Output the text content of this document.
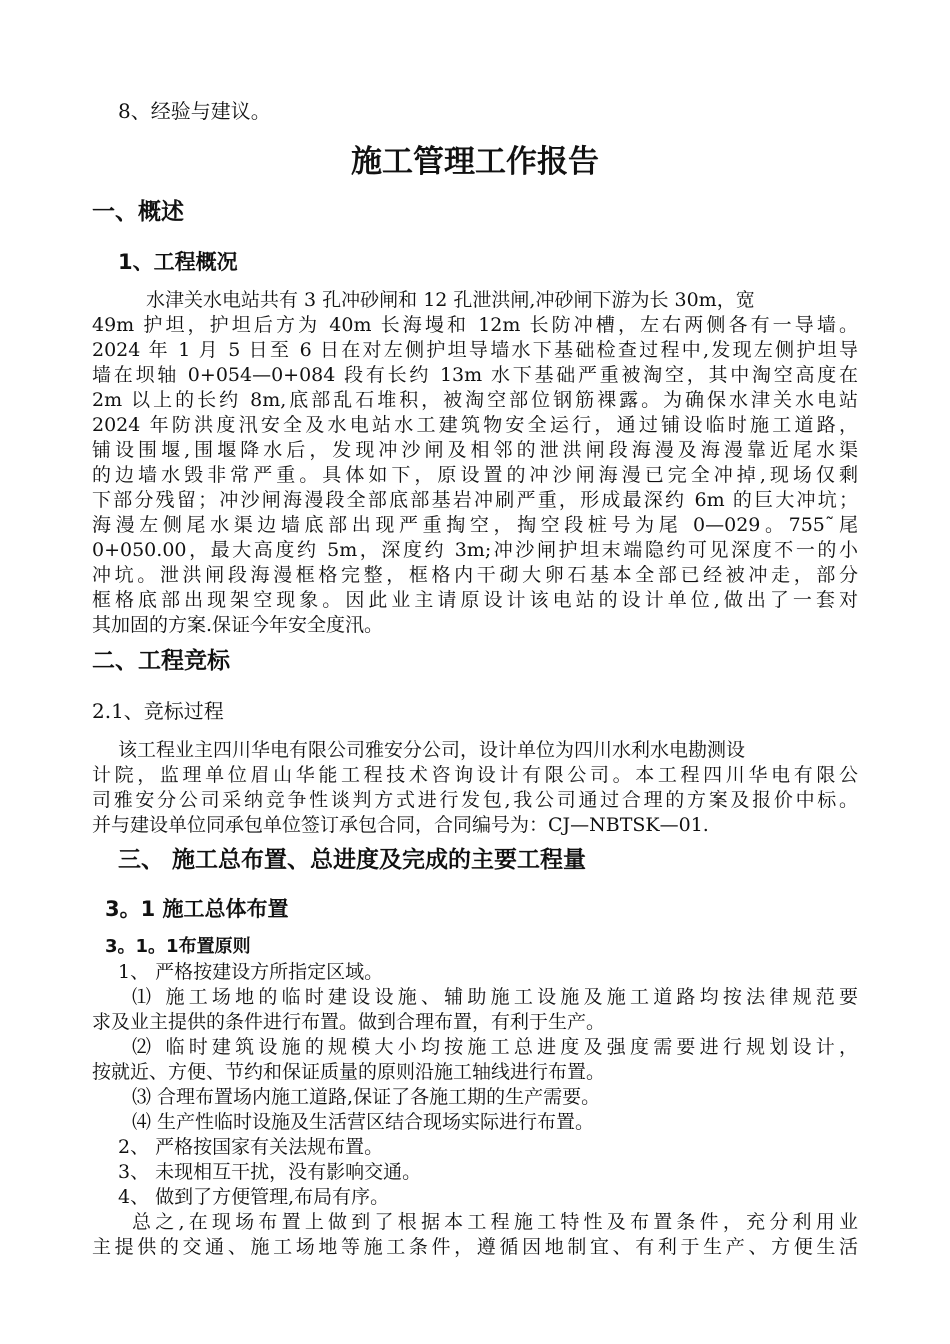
8、经验与建议。
施工管理工作报告
一、概述
1、工程概况
水津关水电站共有 3 孔冲砂闸和 12 孔泄洪闸,冲砂闸下游为长 30m，宽
49m 护坦，护坦后方为 40m 长海墁和 12m 长防冲槽，左右两侧各有一导墙。
2024 年 1 月 5 日至 6 日在对左侧护坦导墙水下基础检查过程中,发现左侧护坦导
墙在坝轴 0+054—0+084 段有长约 13m 水下基础严重被淘空，其中淘空高度在
2m 以上的长约 8m,底部乱石堆积，被淘空部位钢筋裸露。为确保水津关水电站
2024 年防洪度汛安全及水电站水工建筑物安全运行，通过铺设临时施工道路，
铺设围堰,围堰降水后，发现冲沙闸及相邻的泄洪闸段海漫及海漫靠近尾水渠
的边墙水毁非常严重。具体如下，原设置的冲沙闸海漫已完全冲掉,现场仅剩
下部分残留；冲沙闸海漫段全部底部基岩冲刷严重，形成最深约 6m 的巨大冲坑；
海漫左侧尾水渠边墙底部出现严重掏空，掏空段桩号为尾 0—029。755˜尾
0+050.00，最大高度约 5m，深度约 3m;冲沙闸护坦末端隐约可见深度不一的小
冲坑。泄洪闸段海漫框格完整，框格内干砌大卵石基本全部已经被冲走，部分
框格底部出现架空现象。因此业主请原设计该电站的设计单位,做出了一套对
其加固的方案.保证今年安全度汛。
二、工程竞标
2.1、竞标过程
该工程业主四川华电有限公司雅安分公司，设计单位为四川水利水电勘测设
计院，监理单位眉山华能工程技术咨询设计有限公司。本工程四川华电有限公
司雅安分公司采纳竞争性谈判方式进行发包,我公司通过合理的方案及报价中标。
并与建设单位同承包单位签订承包合同，合同编号为：CJ—NBTSK—01.
三、 施工总布置、总进度及完成的主要工程量
3。1 施工总体布置
3。1。1布置原则
1、 严格按建设方所指定区域。
⑴ 施工场地的临时建设设施、辅助施工设施及施工道路均按法律规范要
求及业主提供的条件进行布置。做到合理布置，有利于生产。
⑵ 临时建筑设施的规模大小均按施工总进度及强度需要进行规划设计，
按就近、方便、节约和保证质量的原则沿施工轴线进行布置。
⑶ 合理布置场内施工道路,保证了各施工期的生产需要。
⑷ 生产性临时设施及生活营区结合现场实际进行布置。
2、 严格按国家有关法规布置。
3、 未现相互干扰，没有影响交通。
4、 做到了方便管理,布局有序。
总之,在现场布置上做到了根据本工程施工特性及布置条件，充分利用业
主提供的交通、施工场地等施工条件，遵循因地制宜、有利于生产、方便生活
